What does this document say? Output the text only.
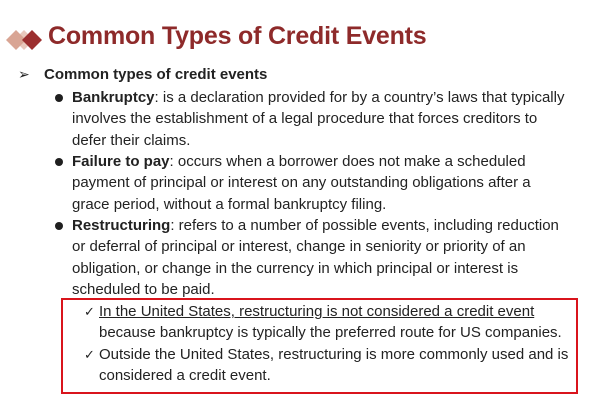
Common Types of Credit Events
➢ Common types of credit events
Bankruptcy: is a declaration provided for by a country’s laws that typically involves the establishment of a legal procedure that forces creditors to defer their claims.
Failure to pay: occurs when a borrower does not make a scheduled payment of principal or interest on any outstanding obligations after a grace period, without a formal bankruptcy filing.
Restructuring: refers to a number of possible events, including reduction or deferral of principal or interest, change in seniority or priority of an obligation, or change in the currency in which principal or interest is scheduled to be paid.
✓ In the United States, restructuring is not considered a credit event because bankruptcy is typically the preferred route for US companies.
✓ Outside the United States, restructuring is more commonly used and is considered a credit event.
